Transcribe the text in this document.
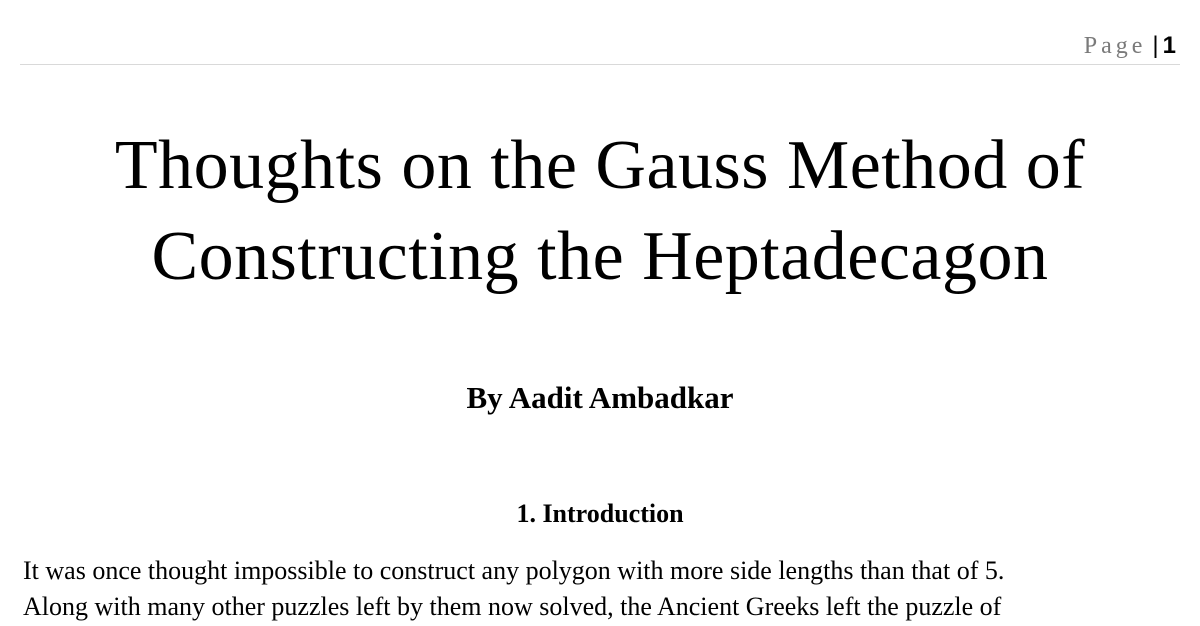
Page | 1
Thoughts on the Gauss Method of
Constructing the Heptadecagon
By Aadit Ambadkar
1. Introduction
It was once thought impossible to construct any polygon with more side lengths than that of 5.
Along with many other puzzles left by them now solved, the Ancient Greeks left the puzzle of
